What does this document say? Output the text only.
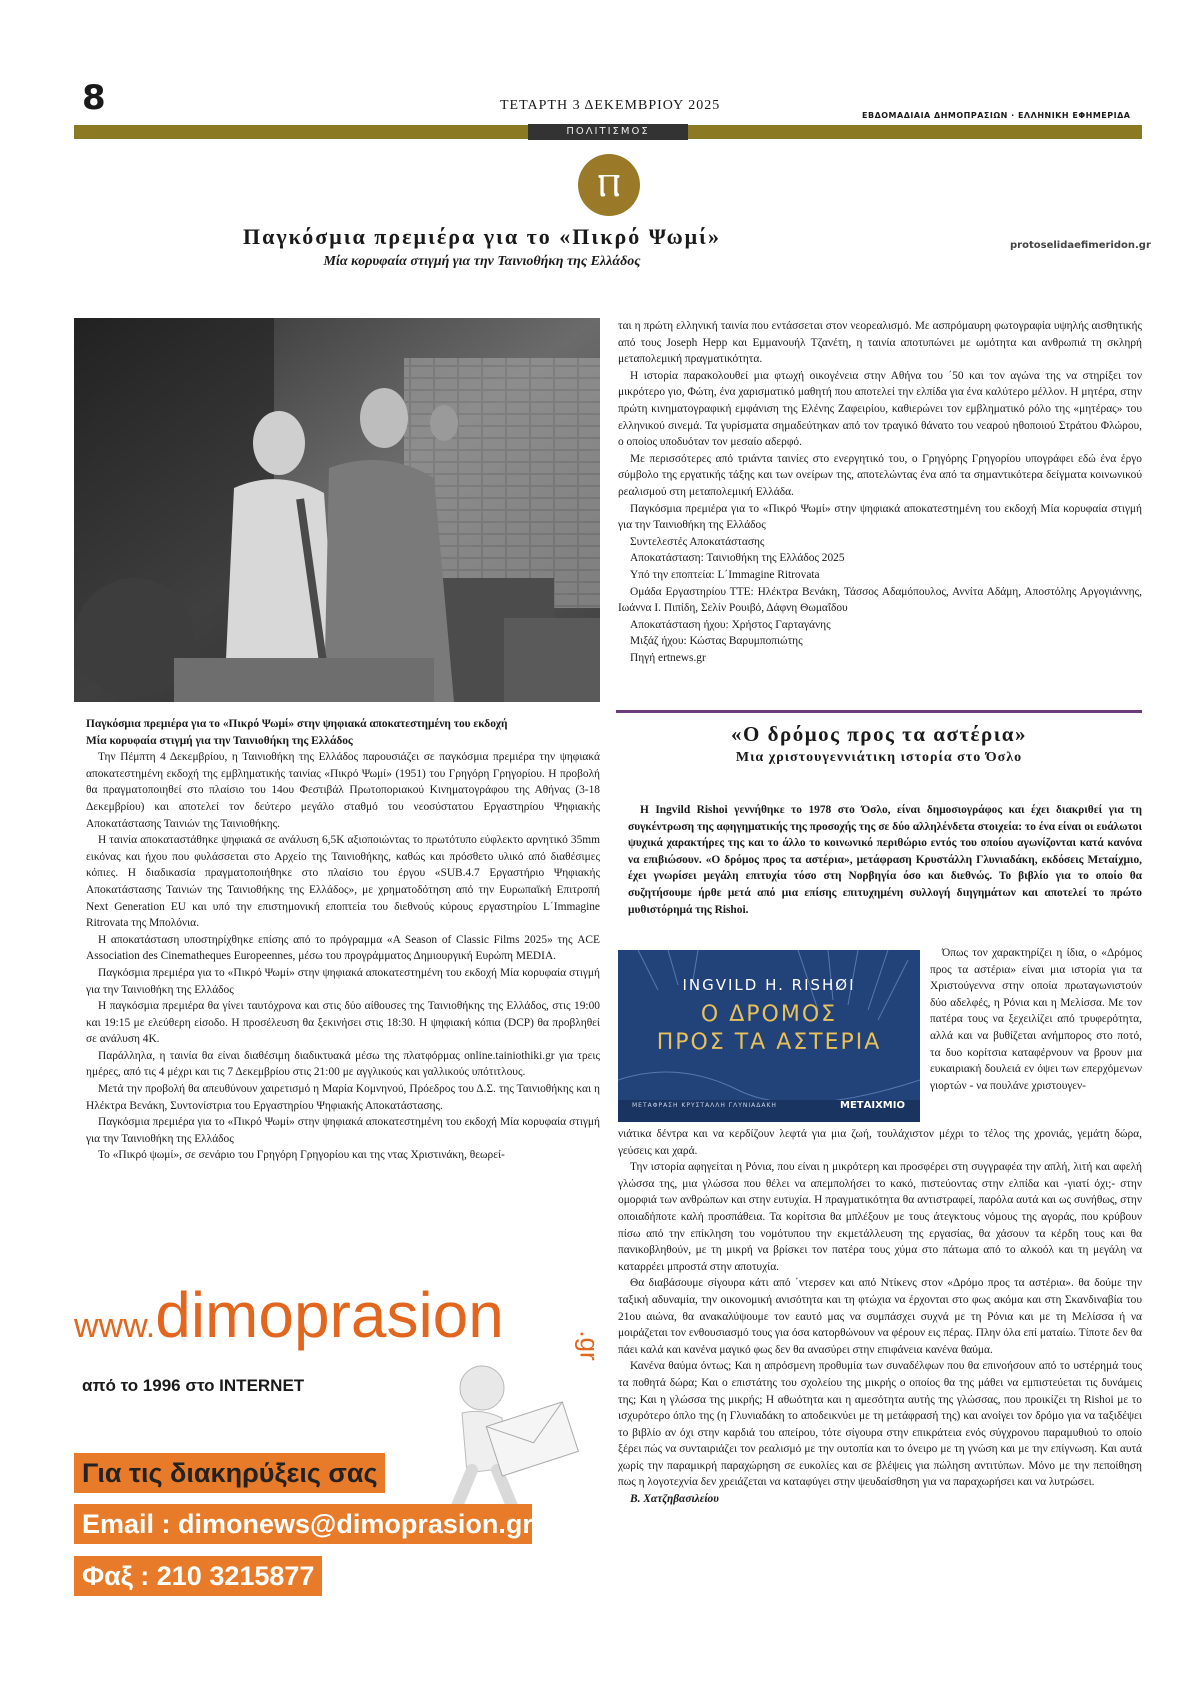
8	ΤΕΤΑΡΤΗ 3 ΔΕΚΕΜΒΡΙΟΥ 2025
ΕΒΔΟΜΑΔΙΑΙΑ ΔΗΜΟΠΡΑΣΙΩΝ · ΕΛΛΗΝΙΚΗ ΕΦΗΜΕΡΙΔΑ
ΠΟΛΙΤΙΣΜΟΣ
Ⲡ
Παγκόσμια πρεμιέρα για το «Πικρό Ψωμί»
Μία κορυφαία στιγμή για την Ταινιοθήκη της Ελλάδος
protoselidaefimeridon.gr

Παγκόσμια πρεμιέρα για το «Πικρό Ψωμί» στην ψηφιακά αποκατεστημένη του εκδοχή

Μία κορυφαία στιγμή για την Ταινιοθήκη της Ελλάδος

Την Πέμπτη 4 Δεκεμβρίου, η Ταινιοθήκη της Ελλάδος παρουσιάζει σε παγκόσμια πρεμιέρα την ψηφιακά αποκατεστημένη εκδοχή της εμβληματικής ταινίας «Πικρό Ψωμί» (1951) του Γρηγόρη Γρηγορίου. Η προβολή θα πραγματοποιηθεί στο πλαίσιο του 14ου Φεστιβάλ Πρωτοποριακού Κινηματογράφου της Αθήνας (3-18 Δεκεμβρίου) και αποτελεί τον δεύτερο μεγάλο σταθμό του νεοσύστατου Εργαστηρίου Ψηφιακής Αποκατάστασης Ταινιών της Ταινιοθήκης.

Η ταινία αποκαταστάθηκε ψηφιακά σε ανάλυση 6,5K αξιοποιώντας το πρωτότυπο εύφλεκτο αρνητικό 35mm εικόνας και ήχου που φυλάσσεται στο Αρχείο της Ταινιοθήκης, καθώς και πρόσθετο υλικό από διαθέσιμες κόπιες. Η διαδικασία πραγματοποιήθηκε στο πλαίσιο του έργου «SUB.4.7 Εργαστήριο Ψηφιακής Αποκατάστασης Ταινιών της Ταινιοθήκης της Ελλάδος», με χρηματοδότηση από την Ευρωπαϊκή Επιτροπή Next Generation EU και υπό την επιστημονική εποπτεία του διεθνούς κύρους εργαστηρίου L΄Immagine Ritrovata της Μπολόνια.

Η αποκατάσταση υποστηρίχθηκε επίσης από το πρόγραμμα «A Season of Classic Films 2025» της ACE Association des Cinematheques Europeennes, μέσω του προγράμματος Δημιουργική Ευρώπη MEDIA.

Παγκόσμια πρεμιέρα για το «Πικρό Ψωμί» στην ψηφιακά αποκατεστημένη του εκδοχή Μία κορυφαία στιγμή για την Ταινιοθήκη της Ελλάδος

Η παγκόσμια πρεμιέρα θα γίνει ταυτόχρονα και στις δύο αίθουσες της Ταινιοθήκης της Ελλάδος, στις 19:00 και 19:15 με ελεύθερη είσοδο. Η προσέλευση θα ξεκινήσει στις 18:30. Η ψηφιακή κόπια (DCP) θα προβληθεί σε ανάλυση 4K.

Παράλληλα, η ταινία θα είναι διαθέσιμη διαδικτυακά μέσω της πλατφόρμας online.tainiothiki.gr για τρεις ημέρες, από τις 4 μέχρι και τις 7 Δεκεμβρίου στις 21:00 με αγγλικούς και γαλλικούς υπότιτλους.

Μετά την προβολή θα απευθύνουν χαιρετισμό η Μαρία Κομνηνού, Πρόεδρος του Δ.Σ. της Ταινιοθήκης και η Ηλέκτρα Βενάκη, Συντονίστρια του Εργαστηρίου Ψηφιακής Αποκατάστασης.

Παγκόσμια πρεμιέρα για το «Πικρό Ψωμί» στην ψηφιακά αποκατεστημένη του εκδοχή Μία κορυφαία στιγμή για την Ταινιοθήκη της Ελλάδος

Το «Πικρό ψωμί», σε σενάριο του Γρηγόρη Γρηγορίου και της ντας Χριστινάκη, θεωρεί-

ται η πρώτη ελληνική ταινία που εντάσσεται στον νεορεαλισμό. Με ασπρόμαυρη φωτογραφία υψηλής αισθητικής από τους Joseph Hepp και Εμμανουήλ Τζανέτη, η ταινία αποτυπώνει με ωμότητα και ανθρωπιά τη σκληρή μεταπολεμική πραγματικότητα.

Η ιστορία παρακολουθεί μια φτωχή οικογένεια στην Αθήνα του ΄50 και τον αγώνα της να στηρίξει τον μικρότερο γιο, Φώτη, ένα χαρισματικό μαθητή που αποτελεί την ελπίδα για ένα καλύτερο μέλλον. Η μητέρα, στην πρώτη κινηματογραφική εμφάνιση της Ελένης Ζαφειρίου, καθιερώνει τον εμβληματικό ρόλο της «μητέρας» του ελληνικού σινεμά. Τα γυρίσματα σημαδεύτηκαν από τον τραγικό θάνατο του νεαρού ηθοποιού Στράτου Φλώρου, ο οποίος υποδυόταν τον μεσαίο αδερφό.

Με περισσότερες από τριάντα ταινίες στο ενεργητικό του, ο Γρηγόρης Γρηγορίου υπογράφει εδώ ένα έργο σύμβολο της εργατικής τάξης και των ονείρων της, αποτελώντας ένα από τα σημαντικότερα δείγματα κοινωνικού ρεαλισμού στη μεταπολεμική Ελλάδα.

Παγκόσμια πρεμιέρα για το «Πικρό Ψωμί» στην ψηφιακά αποκατεστημένη του εκδοχή Μία κορυφαία στιγμή για την Ταινιοθήκη της Ελλάδος

Συντελεστές Αποκατάστασης

Αποκατάσταση: Ταινιοθήκη της Ελλάδος 2025

Υπό την εποπτεία: L΄Immagine Ritrovata

Ομάδα Εργαστηρίου ΤΤΕ: Ηλέκτρα Βενάκη, Τάσσος Αδαμόπουλος, Αννίτα Αδάμη, Αποστόλης Αργογιάννης, Ιωάννα Ι. Πιπίδη, Σελίν Ρουιβό, Δάφνη Θωμαΐδου

Αποκατάσταση ήχου: Χρήστος Γαρταγάνης

Μιξάζ ήχου: Κώστας Βαρυμποπιώτης

Πηγή ertnews.gr

«Ο δρόμος προς τα αστέρια»
Μια χριστουγεννιάτικη ιστορία στο Όσλο

Η Ingvild Rishoi γεννήθηκε το 1978 στο Όσλο, είναι δημοσιογράφος και έχει διακριθεί για τη συγκέντρωση της αφηγηματικής της προσοχής της σε δύο αλληλένδετα στοιχεία: το ένα είναι οι ευάλωτοι ψυχικά χαρακτήρες της και το άλλο το κοινωνικό περιθώριο εντός του οποίου αγωνίζονται κατά κανόνα να επιβιώσουν. «Ο δρόμος προς τα αστέρια», μετάφραση Κρυστάλλη Γλυνιαδάκη, εκδόσεις Μεταίχμιο, έχει γνωρίσει μεγάλη επιτυχία τόσο στη Νορβηγία όσο και διεθνώς. Το βιβλίο για το οποίο θα συζητήσουμε ήρθε μετά από μια επίσης επιτυχημένη συλλογή διηγημάτων και αποτελεί το πρώτο μυθιστόρημά της Rishoi.

INGVILD H. RISHØI
Ο ΔΡΟΜΟΣ
ΠΡΟΣ ΤΑ ΑΣΤΕΡΙΑ
ΜΕΤΑΦΡΑΣΗ ΚΡΥΣΤΑΛΛΗ ΓΛΥΝΙΑΔΑΚΗ	ΜΕΤΑΙΧΜΙΟ

Όπως τον χαρακτηρίζει η ίδια, ο «Δρόμος προς τα αστέρια» είναι μια ιστορία για τα Χριστούγεννα στην οποία πρωταγωνιστούν δύο αδελφές, η Ρόνια και η Μελίσσα. Με τον πατέρα τους να ξεχειλίζει από τρυφερότητα, αλλά και να βυθίζεται ανήμπορος στο ποτό, τα δυο κορίτσια καταφέρνουν να βρουν μια ευκαιριακή δουλειά εν όψει των επερχόμενων γιορτών - να πουλάνε χριστουγεν-

νιάτικα δέντρα και να κερδίζουν λεφτά για μια ζωή, τουλάχιστον μέχρι το τέλος της χρονιάς, γεμάτη δώρα, γεύσεις και χαρά.

Την ιστορία αφηγείται η Ρόνια, που είναι η μικρότερη και προσφέρει στη συγγραφέα την απλή, λιτή και αφελή γλώσσα της, μια γλώσσα που θέλει να απεμπολήσει το κακό, πιστεύοντας στην ελπίδα και -γιατί όχι;- στην ομορφιά των ανθρώπων και στην ευτυχία. Η πραγματικότητα θα αντιστραφεί, παρόλα αυτά και ως συνήθως, στην οποιαδήποτε καλή προσπάθεια. Τα κορίτσια θα μπλέξουν με τους άτεγκτους νόμους της αγοράς, που κρύβουν πίσω από την επίκληση του νομότυπου την εκμετάλλευση της εργασίας, θα χάσουν τα κέρδη τους και θα πανικοβληθούν, με τη μικρή να βρίσκει τον πατέρα τους χύμα στο πάτωμα από το αλκοόλ και τη μεγάλη να καταρρέει μπροστά στην αποτυχία.

Θα διαβάσουμε σίγουρα κάτι από ΄ντερσεν και από Ντίκενς στον «Δρόμο προς τα αστέρια». θα δούμε την ταξική αδυναμία, την οικονομική ανισότητα και τη φτώχια να έρχονται στο φως ακόμα και στη Σκανδιναβία του 21ου αιώνα, θα ανακαλύψουμε τον εαυτό μας να συμπάσχει συχνά με τη Ρόνια και με τη Μελίσσα ή να μοιράζεται τον ενθουσιασμό τους για όσα κατορθώνουν να φέρουν εις πέρας. Πλην όλα επί ματαίω. Τίποτε δεν θα πάει καλά και κανένα μαγικό φως δεν θα ανασύρει στην επιφάνεια κανένα θαύμα.

Κανένα θαύμα όντως; Και η απρόσμενη προθυμία των συναδέλφων που θα επινοήσουν από το υστέρημά τους τα ποθητά δώρα; Και ο επιστάτης του σχολείου της μικρής ο οποίος θα της μάθει να εμπιστεύεται τις δυνάμεις της; Και η γλώσσα της μικρής; Η αθωότητα και η αμεσότητα αυτής της γλώσσας, που προικίζει τη Rishoi με το ισχυρότερο όπλο της (η Γλυνιαδάκη το αποδεικνύει με τη μετάφρασή της) και ανοίγει τον δρόμο για να ταξιδέψει το βιβλίο αν όχι στην καρδιά του απείρου, τότε σίγουρα στην επικράτεια ενός σύγχρονου παραμυθιού το οποίο ξέρει πώς να συνταιριάζει τον ρεαλισμό με την ουτοπία και το όνειρο με τη γνώση και με την επίγνωση. Και αυτά χωρίς την παραμικρή παραχώρηση σε ευκολίες και σε βλέψεις για πώληση αντιτύπων. Μόνο με την πεποίθηση πως η λογοτεχνία δεν χρειάζεται να καταφύγει στην ψευδαίσθηση για να παραχωρήσει και να λυτρώσει.

Β. Χατζηβασιλείου

www.dimoprasion	.gr
από το 1996 στο INTERNET
Για τις διακηρύξεις σας
Email : dimonews@dimoprasion.gr
Φαξ : 210 3215877
